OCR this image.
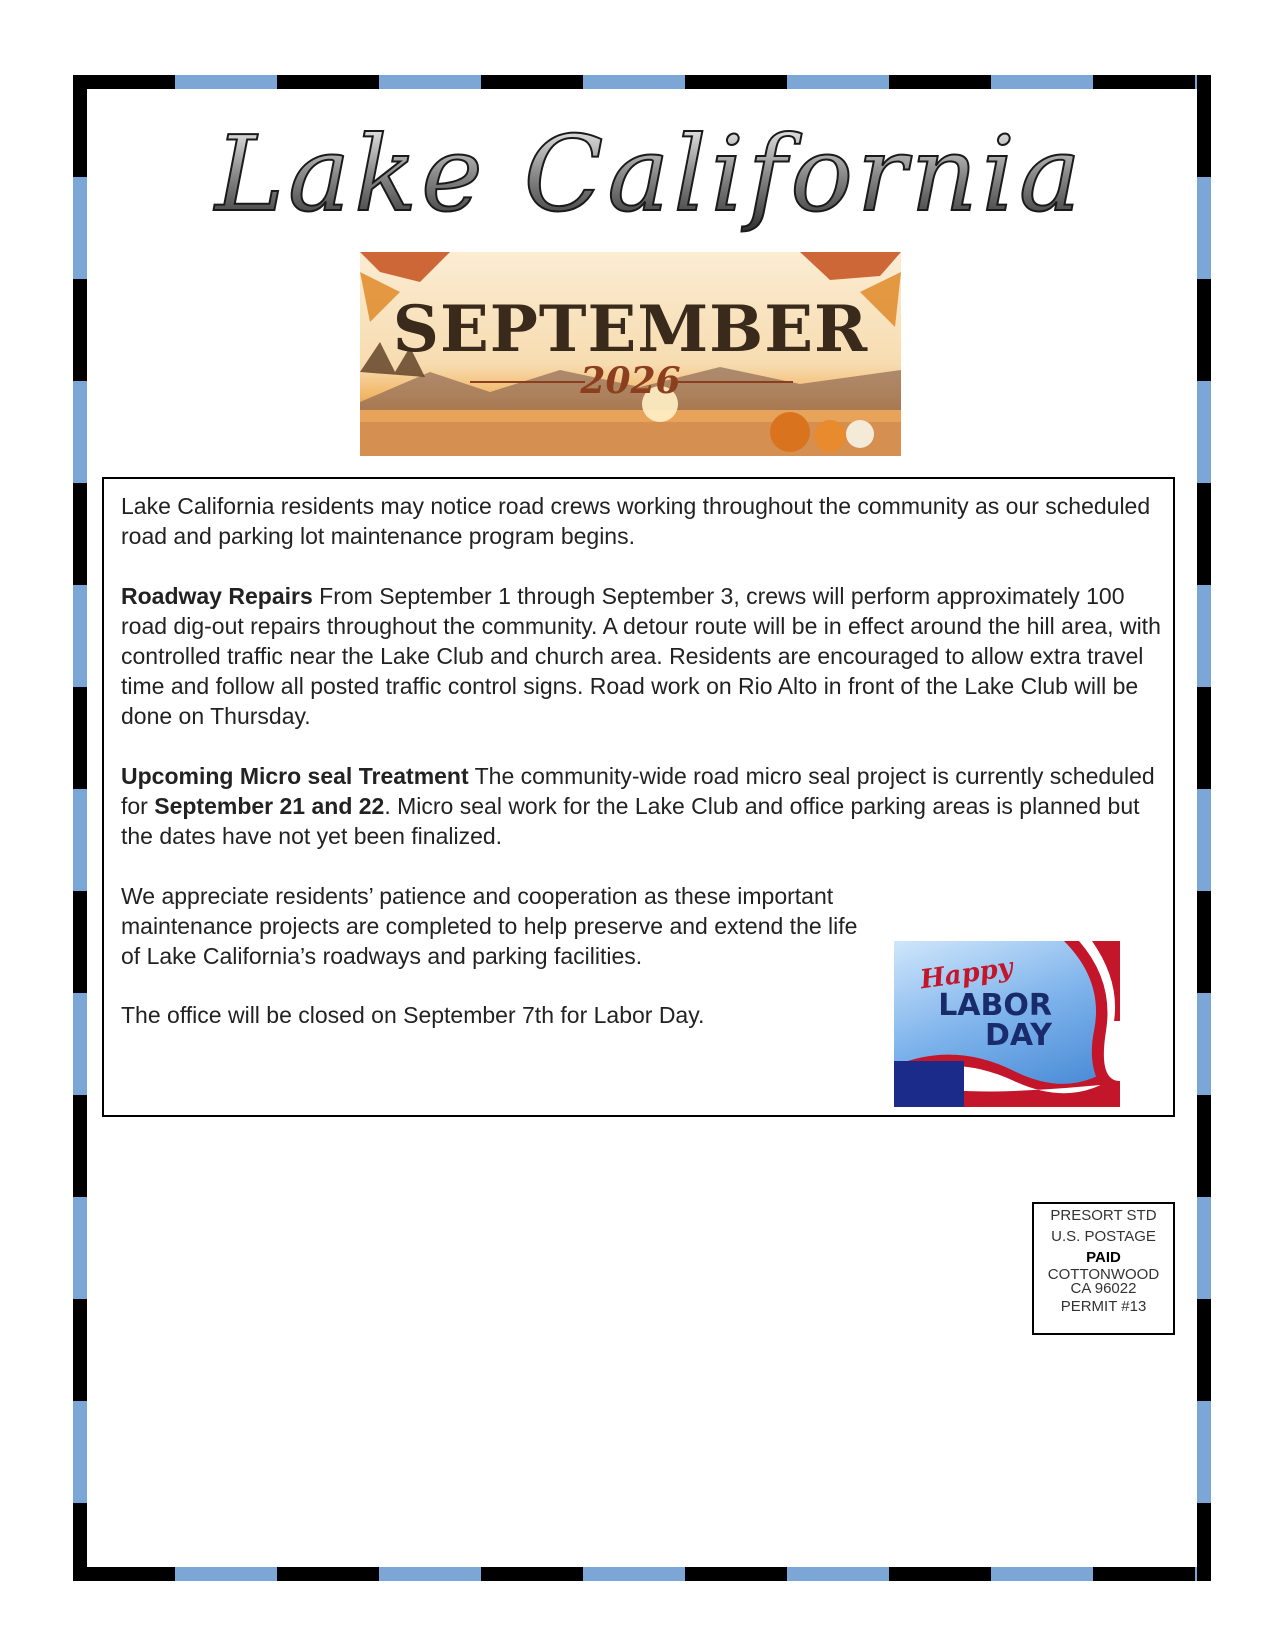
Lake California
SEPTEMBER
2026

Lake California residents may notice road crews working throughout the community as our scheduled road and parking lot maintenance program begins.

Roadway Repairs From September 1 through September 3, crews will perform approximately 100 road dig-out repairs throughout the community. A detour route will be in effect around the hill area, with controlled traffic near the Lake Club and church area. Residents are encouraged to allow extra travel time and follow all posted traffic control signs. Road work on Rio Alto in front of the Lake Club will be done on Thursday.

Upcoming Micro seal Treatment The community-wide road micro seal project is currently scheduled for September 21 and 22. Micro seal work for the Lake Club and office parking areas is planned but the dates have not yet been finalized.

We appreciate residents’ patience and cooperation as these important maintenance projects are completed to help preserve and extend the life of Lake California’s roadways and parking facilities.

The office will be closed on September 7th for Labor Day.

Happy
LABOR
DAY
PRESORT STD
U.S. POSTAGE
PAID
COTTONWOOD
CA 96022
PERMIT #13
